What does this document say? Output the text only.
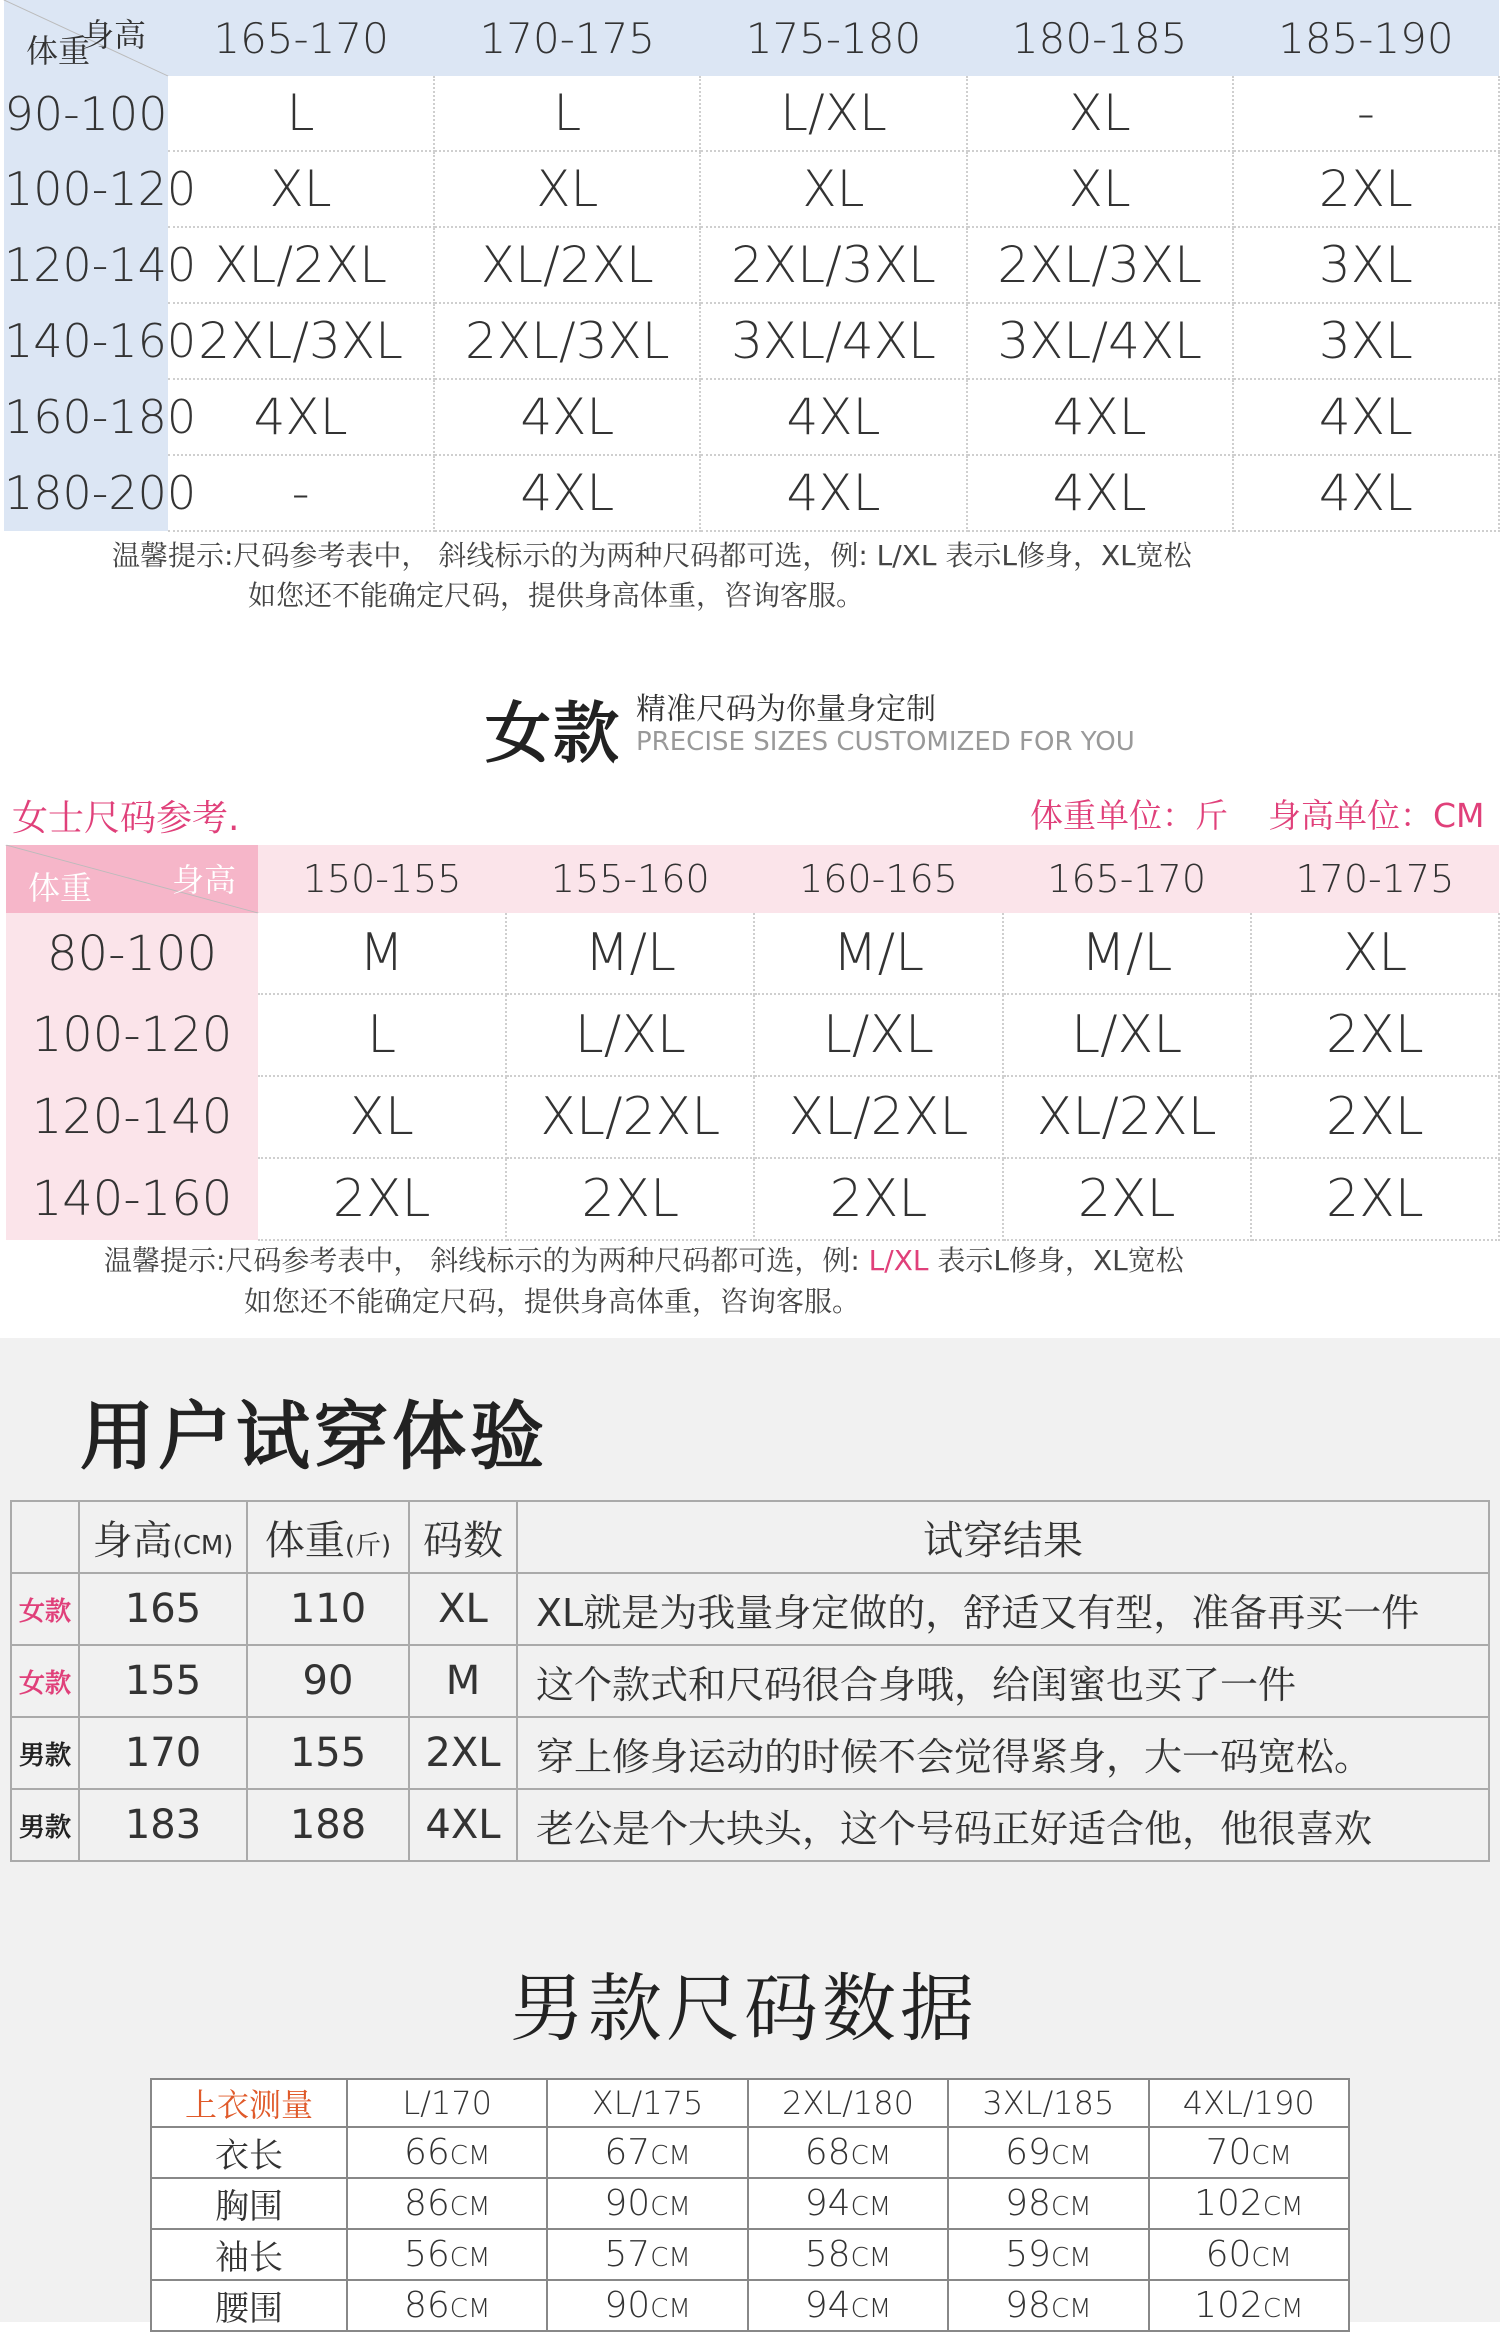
身高
体重	165-170	170-175	175-180	180-185	185-190
90-100	L	L	L/XL	XL	-
100-120	XL	XL	XL	XL	2XL
120-140	XL/2XL	XL/2XL	2XL/3XL	2XL/3XL	3XL
140-160	2XL/3XL	2XL/3XL	3XL/4XL	3XL/4XL	3XL
160-180	4XL	4XL	4XL	4XL	4XL
180-200	-	4XL	4XL	4XL	4XL
温馨提示:尺码参考表中， 斜线标示的为两种尺码都可选，例: L/XL 表示L修身，XL宽松
如您还不能确定尺码，提供身高体重，咨询客服。
女款 精准尺码为你量身定制
PRECISE SIZES CUSTOMIZED FOR YOU
女士尺码参考.	体重单位：斤 身高单位：CM
身高
体重	150-155	155-160	160-165	165-170	170-175
80-100	M	M/L	M/L	M/L	XL
100-120	L	L/XL	L/XL	L/XL	2XL
120-140	XL	XL/2XL	XL/2XL	XL/2XL	2XL
140-160	2XL	2XL	2XL	2XL	2XL
温馨提示:尺码参考表中， 斜线标示的为两种尺码都可选，例: L/XL 表示L修身，XL宽松
如您还不能确定尺码，提供身高体重，咨询客服。
用户试穿体验
	身高(CM)	体重(斤)	码数	试穿结果
女款	165	110	XL	XL就是为我量身定做的，舒适又有型，准备再买一件
女款	155	90	M	这个款式和尺码很合身哦，给闺蜜也买了一件
男款	170	155	2XL	穿上修身运动的时候不会觉得紧身，大一码宽松。
男款	183	188	4XL	老公是个大块头，这个号码正好适合他，他很喜欢
男款尺码数据
上衣测量	L/170	XL/175	2XL/180	3XL/185	4XL/190
衣长	66CM	67CM	68CM	69CM	70CM
胸围	86CM	90CM	94CM	98CM	102CM
袖长	56CM	57CM	58CM	59CM	60CM
腰围	86CM	90CM	94CM	98CM	102CM
